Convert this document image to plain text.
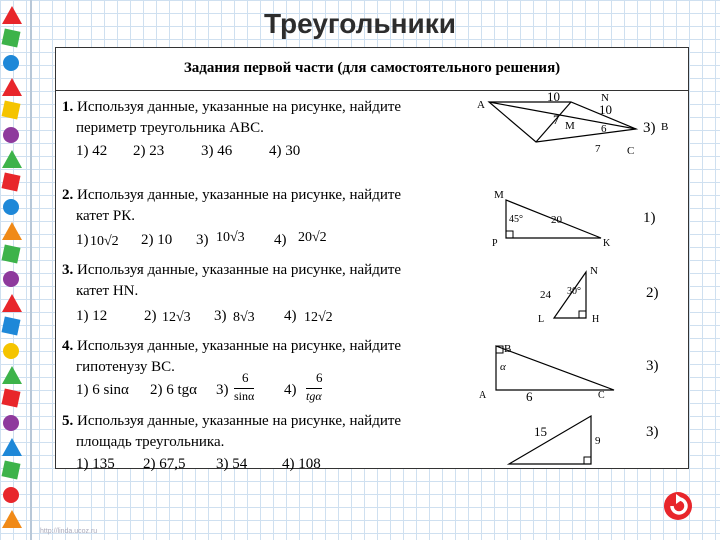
Треугольники
Задания первой части (для самостоятельного решения)
1. Используя данные, указанные на рисунке, найдите
периметр треугольника АВС.
1) 42 2) 23 3) 46 4) 30
3)
A
10	N
10
7 M 6	B
7 C
2. Используя данные, указанные на рисунке, найдите
катет РК.
1) 10√2 2) 10 3) 10√3 4) 20√2
1)
M
45°	20
P	K
3. Используя данные, указанные на рисунке, найдите
катет НN.
1) 12 2) 12√3 3) 8√3 4) 12√2
2)
N
24 30°
L	H
4. Используя данные, указанные на рисунке, найдите
гипотенузу ВС.
1) 6 sinα 2) 6 tgα 3)
6
sinα 4)
6
tgα
3)
B
α
A	6	C
5. Используя данные, указанные на рисунке, найдите
площадь треугольника.
1) 135 2) 67,5 3) 54 4) 108
3)
15
9
http://linda.ucoz.ru
